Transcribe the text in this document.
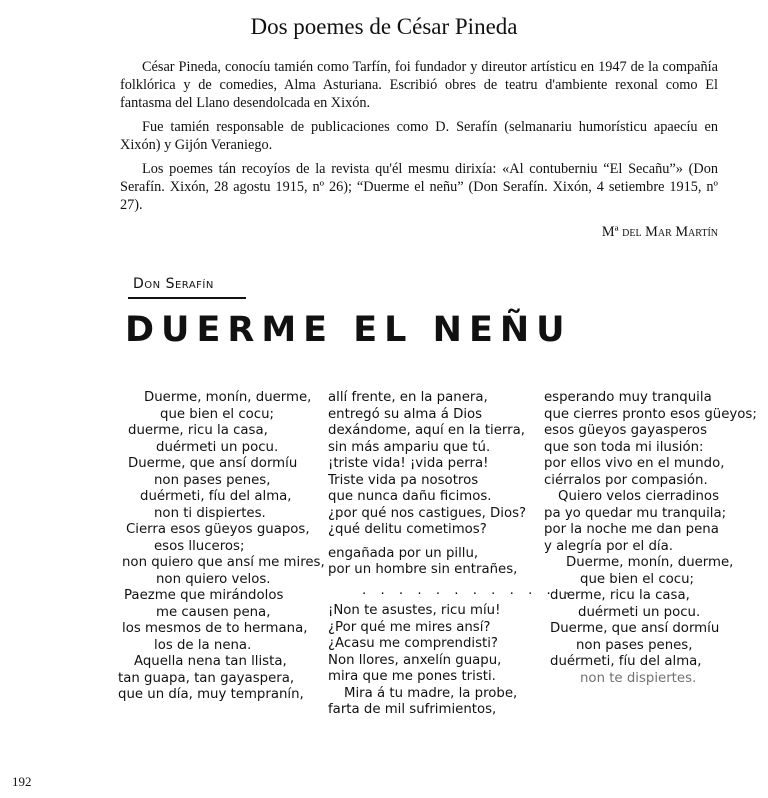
Dos poemes de César Pineda

César Pineda, conocíu tamién como Tarfín, foi fundador y direutor artísticu en 1947 de la compañía folklórica y de comedies, Alma Asturiana. Escribió obres de teatru d'ambiente rexonal como El fantasma del Llano desendolcada en Xixón.

Fue tamién responsable de publicaciones como D. Serafín (selmanariu humorísticu apaecíu en Xixón) y Gijón Veraniego.

Los poemes tán recoyíos de la revista qu'él mesmu dirixía: «Al contuberniu “El Secañu”» (Don Serafín. Xixón, 28 agostu 1915, nº 26); “Duerme el neñu” (Don Serafín. Xixón, 4 setiembre 1915, nº 27).

Mª del Mar Martín

Don Serafín
DUERME EL NEÑU
Duerme, monín, duerme,
que bien el cocu;
duerme, ricu la casa,
duérmeti un pocu.
Duerme, que ansí dormíu
non pases penes,
duérmeti, fíu del alma,
non ti dispiertes.
Cierra esos güeyos guapos,
esos lluceros;
non quiero que ansí me mires,
non quiero velos.
Paezme que mirándolos
me causen pena,
los mesmos de to hermana,
los de la nena.
Aquella nena tan llista,
tan guapa, tan gayaspera,
que un día, muy tempranín,
allí frente, en la panera,
entregó su alma á Dios
dexándome, aquí en la tierra,
sin más ampariu que tú.
¡triste vida! ¡vida perra!
Triste vida pa nosotros
que nunca dañu ficimos.
¿por qué nos castigues, Dios?
¿qué delitu cometimos?
engañada por un pillu,
por un hombre sin entrañes,
. . . . . . . . . . . .
¡Non te asustes, ricu míu!
¿Por qué me mires ansí?
¿Acasu me comprendisti?
Non llores, anxelín guapu,
mira que me pones tristi.
Mira á tu madre, la probe,
farta de mil sufrimientos,
esperando muy tranquila
que cierres pronto esos güeyos;
esos güeyos gayasperos
que son toda mi ilusión:
por ellos vivo en el mundo,
ciérralos por compasión.
Quiero velos cierradinos
pa yo quedar mu tranquila;
por la noche me dan pena
y alegría por el día.
Duerme, monín, duerme,
que bien el cocu;
duerme, ricu la casa,
duérmeti un pocu.
Duerme, que ansí dormíu
non pases penes,
duérmeti, fíu del alma,
non te dispiertes.
192
